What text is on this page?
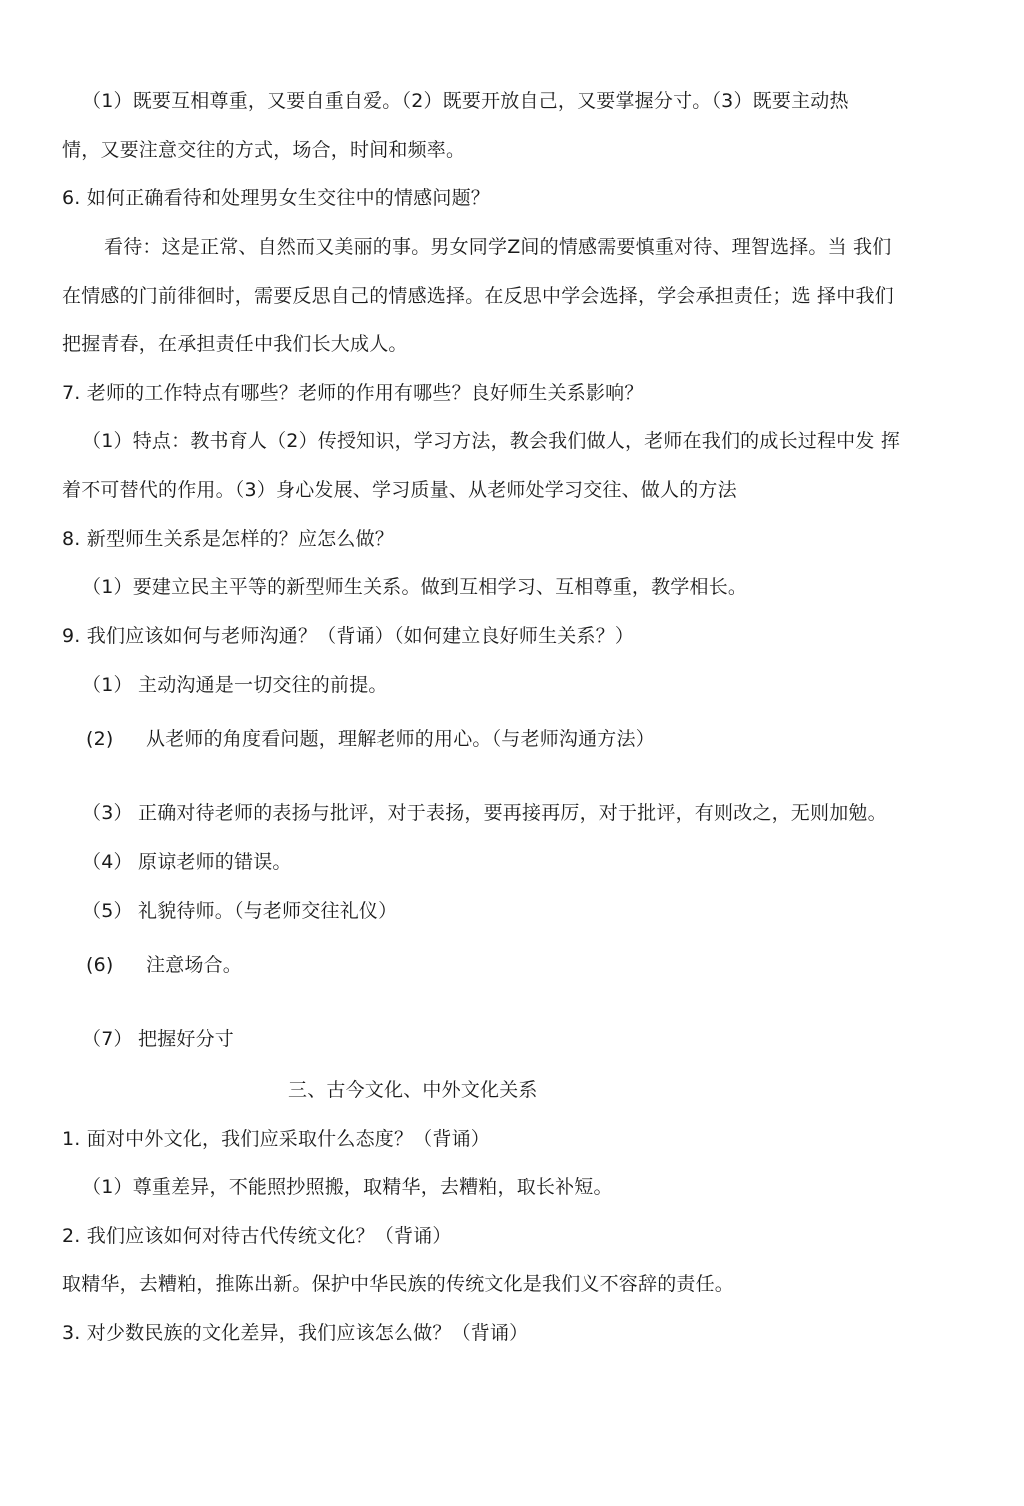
（1）既要互相尊重，又要自重自爱。（2）既要开放自己，又要掌握分寸。（3）既要主动热
情，又要注意交往的方式，场合，时间和频率。
6. 如何正确看待和处理男女生交往中的情感问题？
看待：这是正常、自然而又美丽的事。男女同学Z间的情感需要慎重对待、理智选择。当 我们
在情感的门前徘徊时，需要反思自己的情感选择。在反思中学会选择，学会承担责任；选 择中我们
把握青春，在承担责任中我们长大成人。
7. 老师的工作特点有哪些？老师的作用有哪些？良好师生关系影响？
（1）特点：教书育人（2）传授知识，学习方法，教会我们做人，老师在我们的成长过程中发 挥
着不可替代的作用。（3）身心发展、学习质量、从老师处学习交往、做人的方法
8. 新型师生关系是怎样的？应怎么做？
（1）要建立民主平等的新型师生关系。做到互相学习、互相尊重，教学相长。
9. 我们应该如何与老师沟通？（背诵）（如何建立良好师生关系？）
（1） 主动沟通是一切交往的前提。
(2) 从老师的角度看问题，理解老师的用心。（与老师沟通方法）
（3） 正确对待老师的表扬与批评，对于表扬，要再接再厉，对于批评，有则改之，无则加勉。
（4） 原谅老师的错误。
（5） 礼貌待师。（与老师交往礼仪）
(6) 注意场合。
（7） 把握好分寸
三、古今文化、中外文化关系
1. 面对中外文化，我们应采取什么态度？（背诵）
（1）尊重差异，不能照抄照搬，取精华，去糟粕，取长补短。
2. 我们应该如何对待古代传统文化？（背诵）
取精华，去糟粕，推陈出新。保护中华民族的传统文化是我们义不容辞的责任。
3. 对少数民族的文化差异，我们应该怎么做？（背诵）
